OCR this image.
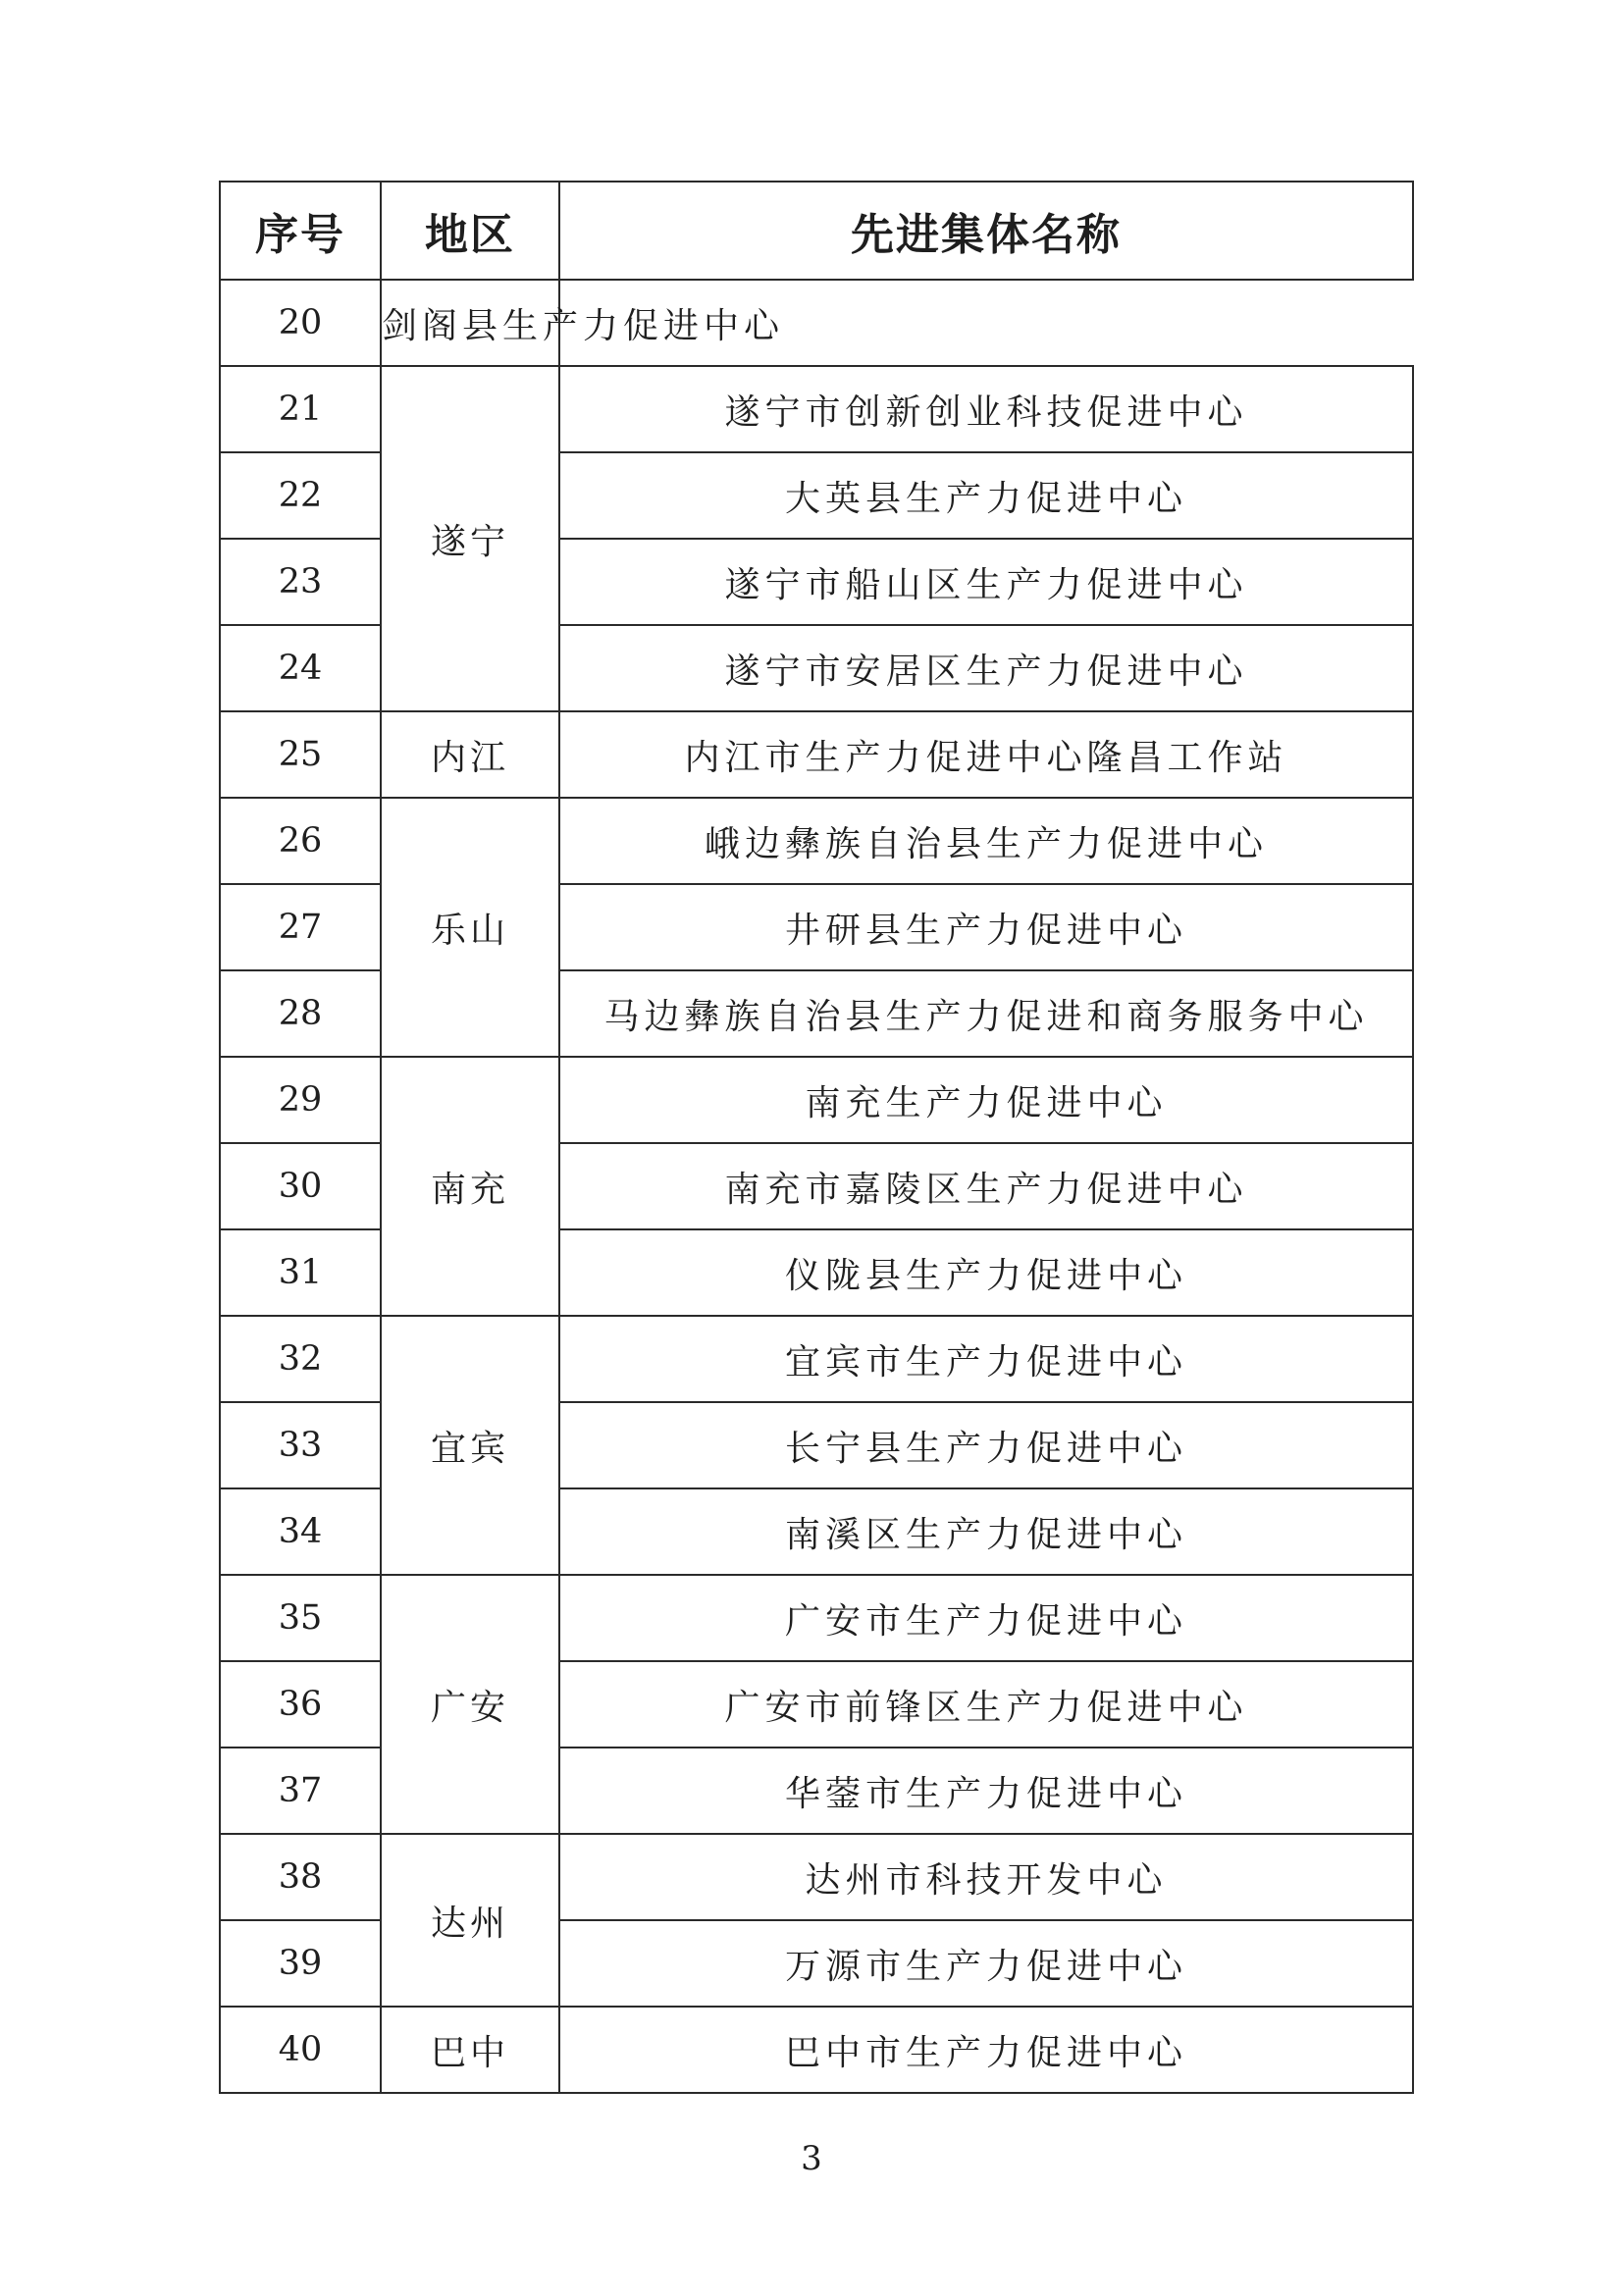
序号	地区	先进集体名称
20	剑阁县生产力促进中心	
21	遂宁	遂宁市创新创业科技促进中心
22		大英县生产力促进中心
23		遂宁市船山区生产力促进中心
24		遂宁市安居区生产力促进中心
25	内江	内江市生产力促进中心隆昌工作站
26	乐山	峨边彝族自治县生产力促进中心
27		井研县生产力促进中心
28		马边彝族自治县生产力促进和商务服务中心
29	南充	南充生产力促进中心
30		南充市嘉陵区生产力促进中心
31		仪陇县生产力促进中心
32	宜宾	宜宾市生产力促进中心
33		长宁县生产力促进中心
34		南溪区生产力促进中心
35	广安	广安市生产力促进中心
36		广安市前锋区生产力促进中心
37		华蓥市生产力促进中心
38	达州	达州市科技开发中心
39		万源市生产力促进中心
40	巴中	巴中市生产力促进中心
3
